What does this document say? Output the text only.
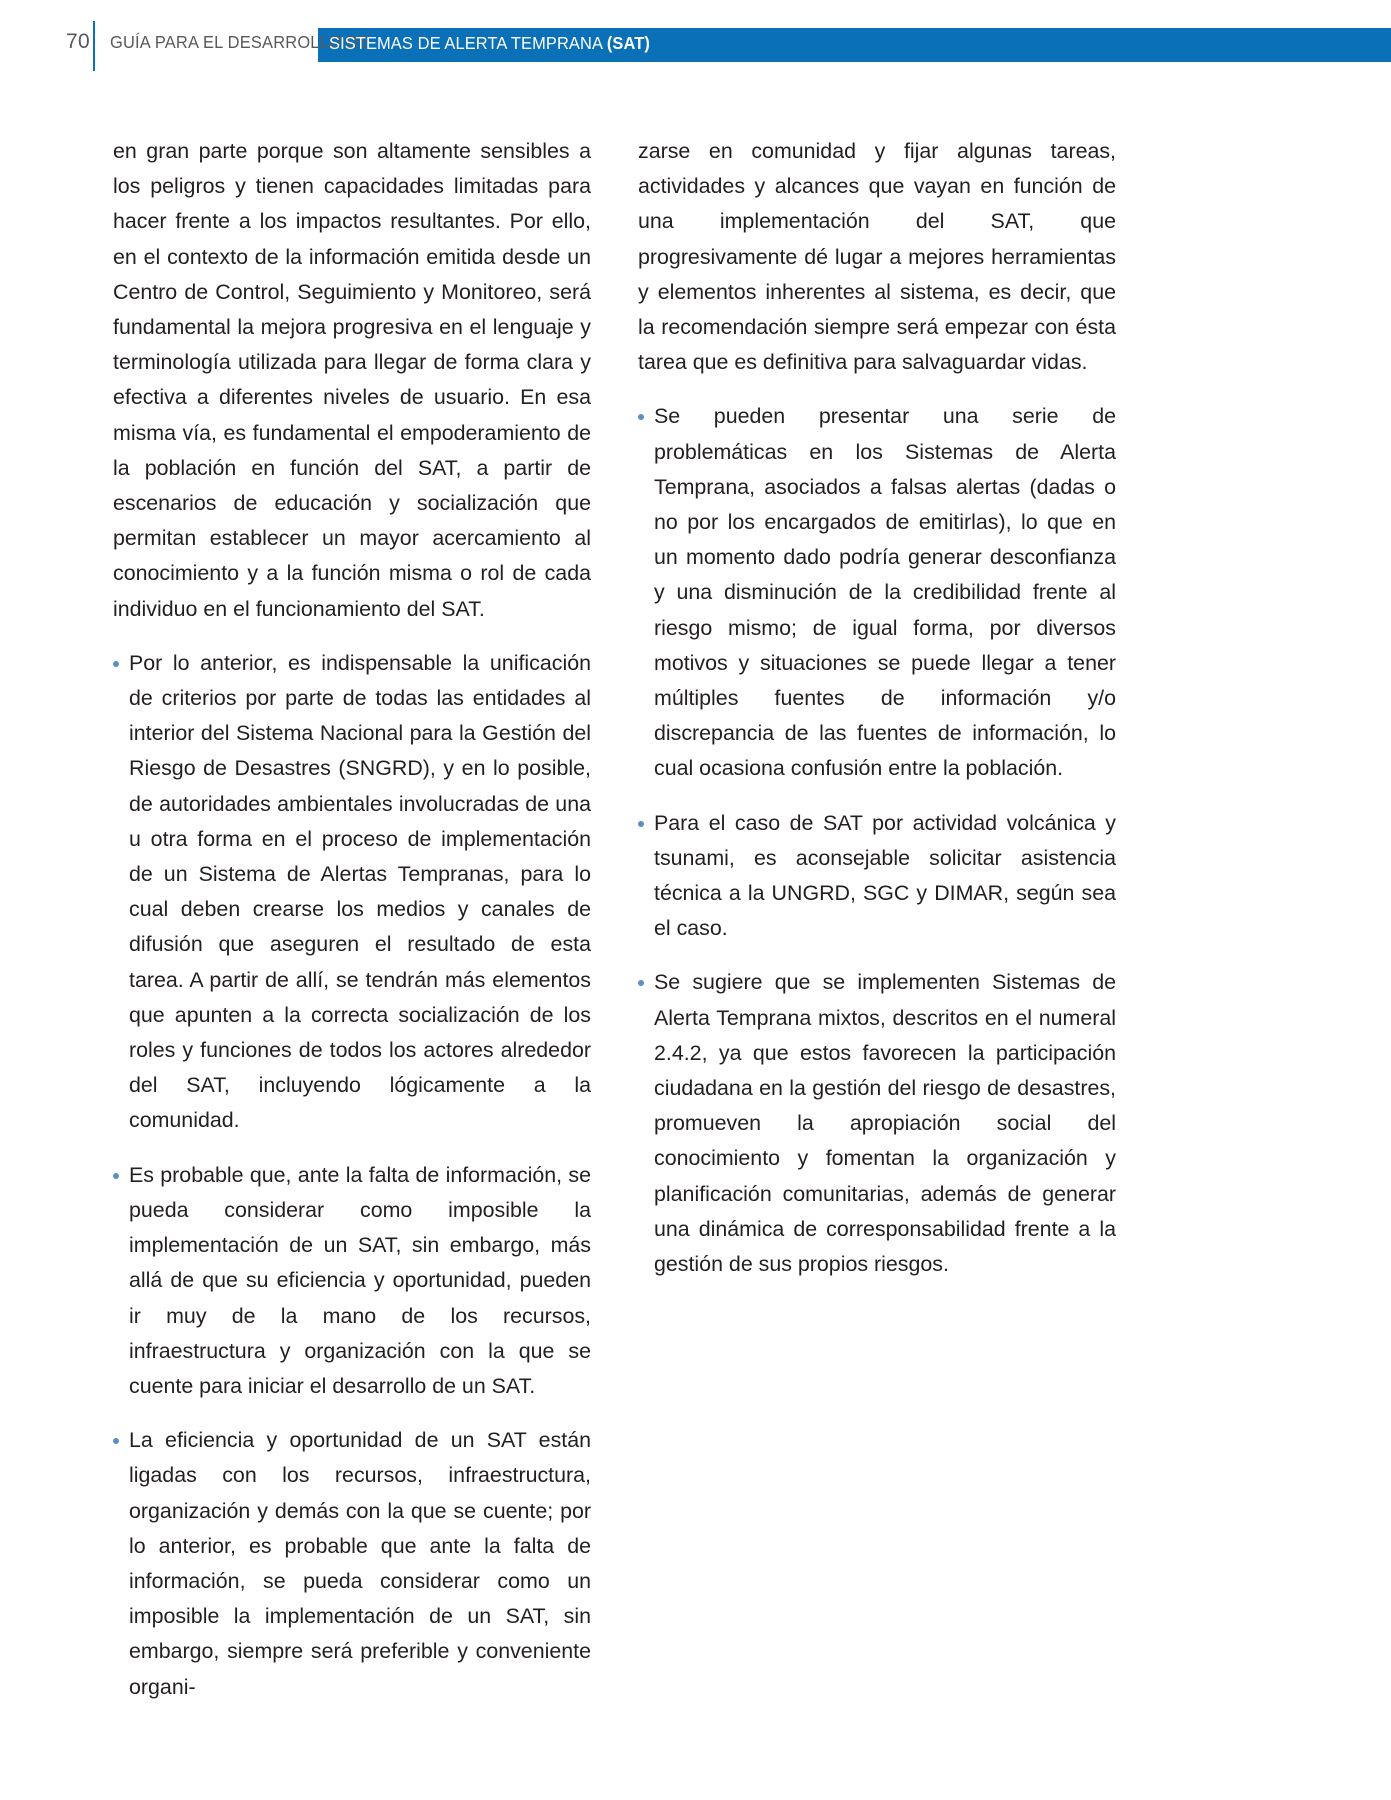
70	GUÍA PARA EL DESARROLLO DE
SISTEMAS DE ALERTA TEMPRANA (SAT)

en gran parte porque son altamente sensibles a los peligros y tienen capacidades limitadas para hacer frente a los impactos resultantes. Por ello, en el contexto de la información emitida desde un Centro de Control, Seguimiento y Monitoreo, será fundamental la mejora progresiva en el lenguaje y terminología utilizada para llegar de forma clara y efectiva a diferentes niveles de usuario. En esa misma vía, es fundamental el empoderamiento de la población en función del SAT, a partir de escenarios de educación y socialización que permitan establecer un mayor acercamiento al conocimiento y a la función misma o rol de cada individuo en el funcionamiento del SAT.

Por lo anterior, es indispensable la unificación de criterios por parte de todas las entidades al interior del Sistema Nacional para la Gestión del Riesgo de Desastres (SNGRD), y en lo posible, de autoridades ambientales involucradas de una u otra forma en el proceso de implementación de un Sistema de Alertas Tempranas, para lo cual deben crearse los medios y canales de difusión que aseguren el resultado de esta tarea. A partir de allí, se tendrán más elementos que apunten a la correcta socialización de los roles y funciones de todos los actores alrededor del SAT, incluyendo lógicamente a la comunidad.
Es probable que, ante la falta de información, se pueda considerar como imposible la implementación de un SAT, sin embargo, más allá de que su eficiencia y oportunidad, pueden ir muy de la mano de los recursos, infraestructura y organización con la que se cuente para iniciar el desarrollo de un SAT.
La eficiencia y oportunidad de un SAT están ligadas con los recursos, infraestructura, organización y demás con la que se cuente; por lo anterior, es probable que ante la falta de información, se pueda considerar como un imposible la implementación de un SAT, sin embargo, siempre será preferible y conveniente organi-

zarse en comunidad y fijar algunas tareas, actividades y alcances que vayan en función de una implementación del SAT, que progresivamente dé lugar a mejores herramientas y elementos inherentes al sistema, es decir, que la recomendación siempre será empezar con ésta tarea que es definitiva para salvaguardar vidas.

Se pueden presentar una serie de problemáticas en los Sistemas de Alerta Temprana, asociados a falsas alertas (dadas o no por los encargados de emitirlas), lo que en un momento dado podría generar desconfianza y una disminución de la credibilidad frente al riesgo mismo; de igual forma, por diversos motivos y situaciones se puede llegar a tener múltiples fuentes de información y/o discrepancia de las fuentes de información, lo cual ocasiona confusión entre la población.
Para el caso de SAT por actividad volcánica y tsunami, es aconsejable solicitar asistencia técnica a la UNGRD, SGC y DIMAR, según sea el caso.
Se sugiere que se implementen Sistemas de Alerta Temprana mixtos, descritos en el numeral 2.4.2, ya que estos favorecen la participación ciudadana en la gestión del riesgo de desastres, promueven la apropiación social del conocimiento y fomentan la organización y planificación comunitarias, además de generar una dinámica de corresponsabilidad frente a la gestión de sus propios riesgos.
